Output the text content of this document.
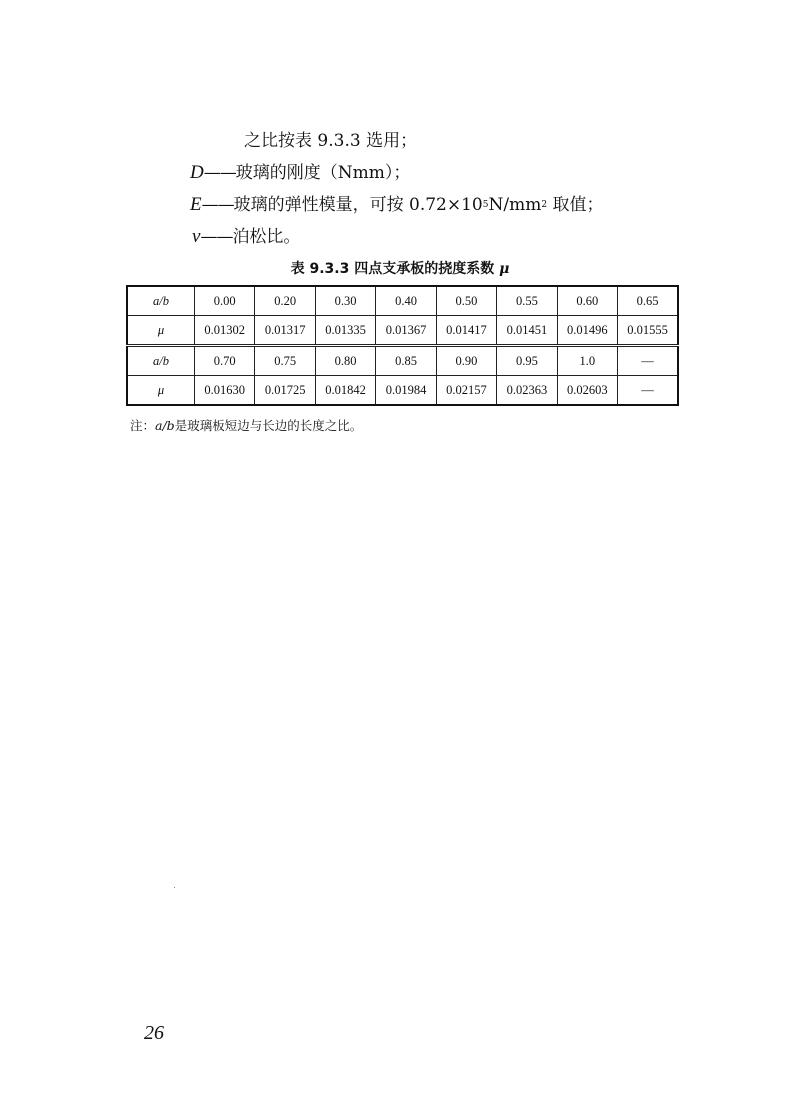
之比按表 9.3.3 选用；
D——玻璃的刚度（Nmm）；
E——玻璃的弹性模量，可按 $0.72\times 10^5N/mm^2$ 取值；
ν——泊松比。
表 9.3.3 四点支承板的挠度系数 μ
a/b	0.00	0.20	0.30	0.40	0.50	0.55	0.60	0.65
μ	0.01302	0.01317	0.01335	0.01367	0.01417	0.01451	0.01496	0.01555
a/b	0.70	0.75	0.80	0.85	0.90	0.95	1.0	—
μ	0.01630	0.01725	0.01842	0.01984	0.02157	0.02363	0.02603	—
注：a/b是玻璃板短边与长边的长度之比。
26
